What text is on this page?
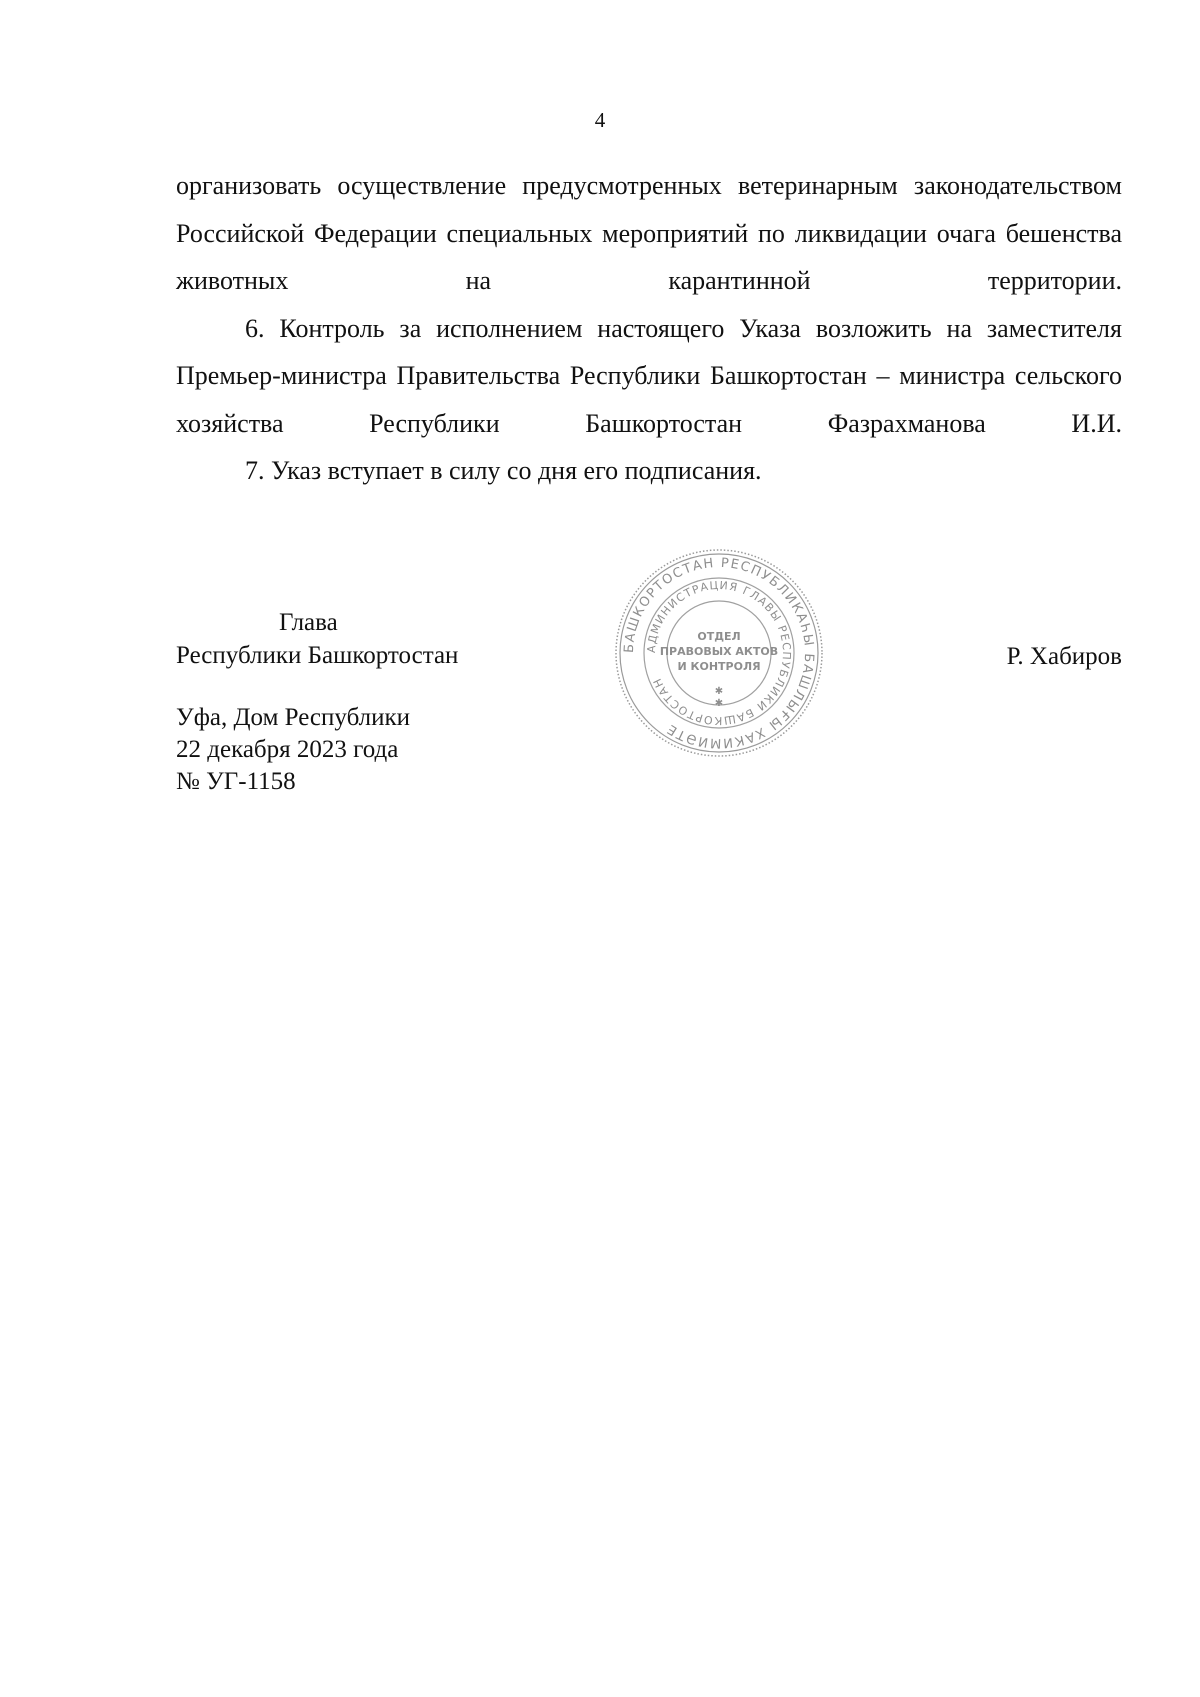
4

организовать осуществление предусмотренных ветеринарным законодательством Российской Федерации специальных мероприятий по ликвидации очага бешенства животных на карантинной территории.

6. Контроль за исполнением настоящего Указа возложить на заместителя Премьер-министра Правительства Республики Башкортостан – министра сельского хозяйства Республики Башкортостан Фазрахманова И.И.

7. Указ вступает в силу со дня его подписания.

Глава
Республики Башкортостан	Р. Хабиров
Уфа, Дом Республики
22 декабря 2023 года
№ УГ-1158
БАШКОРТОСТАН РЕСПУБЛИКАҺЫ БАШЛЫҒЫ ХАКИМИӘТЕ
АДМИНИСТРАЦИЯ ГЛАВЫ РЕСПУБЛИКИ БАШКОРТОСТАН
ОТДЕЛ
ПРАВОВЫХ АКТОВ
И КОНТРОЛЯ
✱
✱
